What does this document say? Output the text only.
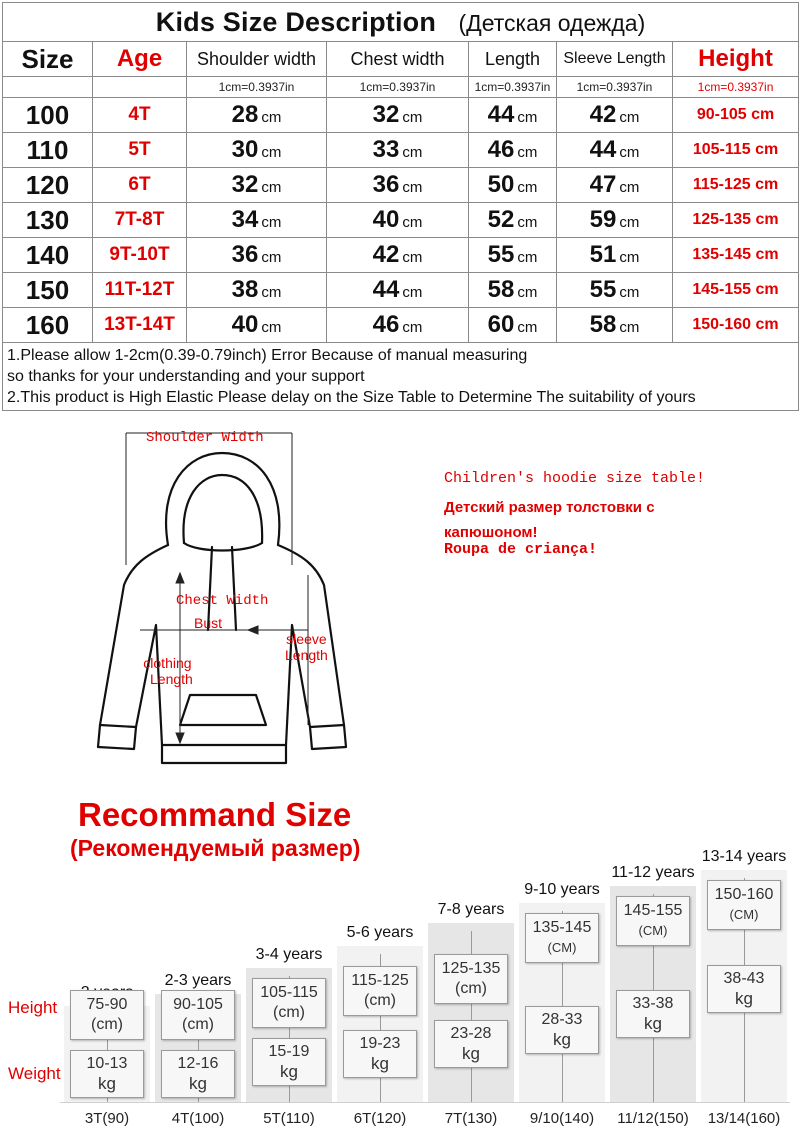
Kids Size Description (Детская одежда)						
Size	Age	Shoulder width	Chest width	Length	Sleeve Length	Height
		1cm=0.3937in	1cm=0.3937in	1cm=0.3937in	1cm=0.3937in	1cm=0.3937in
100	4T	28 cm	32 cm	44 cm	42 cm	90-105 cm
110	5T	30 cm	33 cm	46 cm	44 cm	105-115 cm
120	6T	32 cm	36 cm	50 cm	47 cm	115-125 cm
130	7T-8T	34 cm	40 cm	52 cm	59 cm	125-135 cm
140	9T-10T	36 cm	42 cm	55 cm	51 cm	135-145 cm
150	11T-12T	38 cm	44 cm	58 cm	55 cm	145-155 cm
160	13T-14T	40 cm	46 cm	60 cm	58 cm	150-160 cm

1.Please allow 1-2cm(0.39-0.79inch) Error Because of manual measuring
so thanks for your understanding and your support
2.This product is High Elastic Please delay on the Size Table to Determine The suitability of yours						
Shoulder Width
Chest Width
Bust
clothing
Length
sleeve
Length
Children's hoodie size table!
Детский размер толстовки с
капюшоном!
Roupa de criança!
Recommand Size
(Рекомендуемый размер)
Height
Weight
75-90
(cm)
10-13
kg
3T(90)
2-3 years
90-105
(cm)
12-16
kg
4T(100)
3-4 years
105-115
(cm)
15-19
kg
5T(110)
5-6 years
115-125
(cm)
19-23
kg
6T(120)
7-8 years
125-135
(cm)
23-28
kg
7T(130)
9-10 years
135-145
(CM)
28-33
kg
9/10(140)
11-12 years
145-155
(CM)
33-38
kg
11/12(150)
13-14 years
150-160
(CM)
38-43
kg
13/14(160)
